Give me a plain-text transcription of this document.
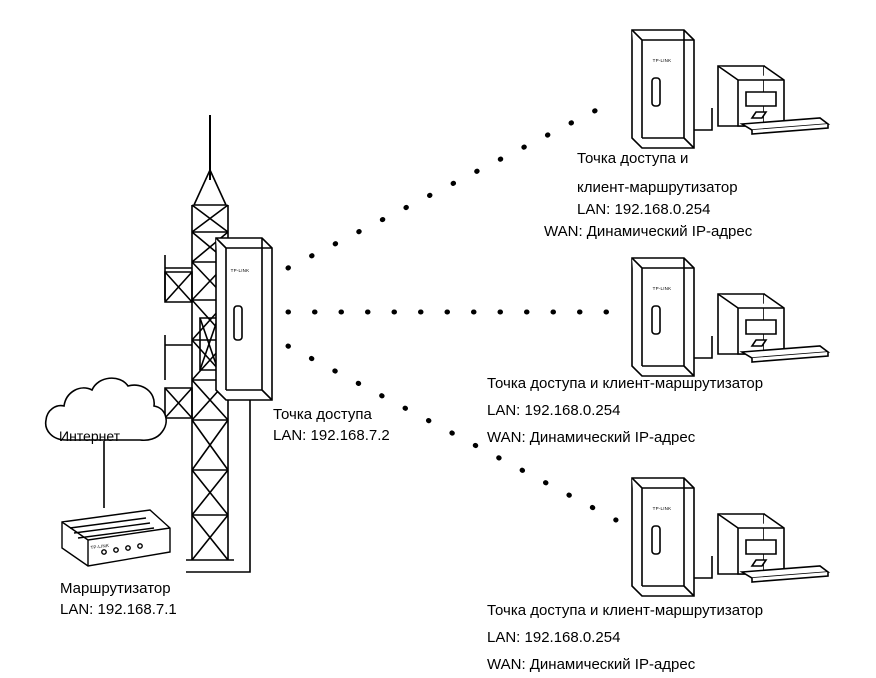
TP-LINK
TP-LINK
TP-LINK
TP-LINK
TP-LINK
Интернет
Маршрутизатор
LAN: 192.168.7.1
Точка доступа
LAN: 192.168.7.2
Точка доступа и
клиент-маршрутизатор
LAN: 192.168.0.254
WAN: Динамический IP-адрес
Точка доступа и клиент-маршрутизатор
LAN: 192.168.0.254
WAN: Динамический IP-адрес
Точка доступа и клиент-маршрутизатор
LAN: 192.168.0.254
WAN: Динамический IP-адрес
